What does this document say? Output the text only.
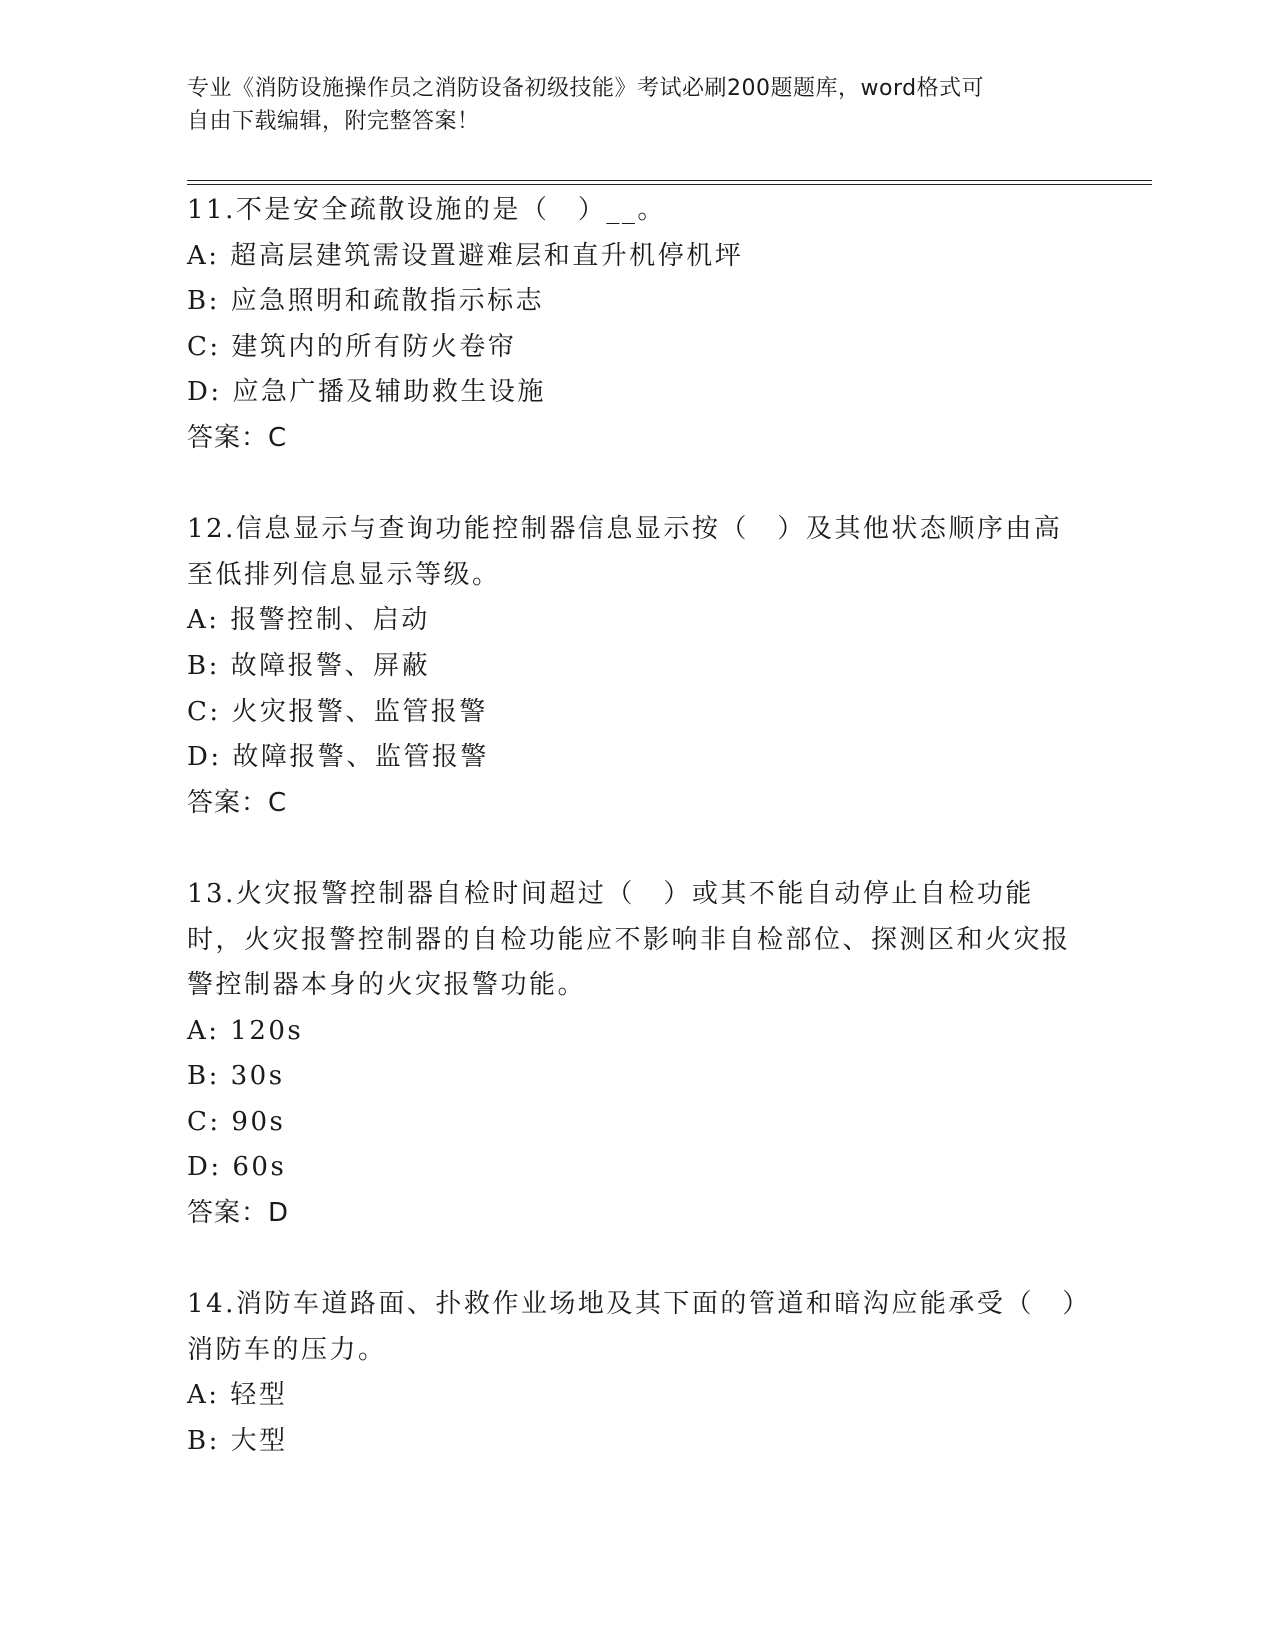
专业《消防设施操作员之消防设备初级技能》考试必刷200题题库，word格式可
自由下载编辑，附完整答案！

11.不是安全疏散设施的是（　）__。

A: 超高层建筑需设置避难层和直升机停机坪

B: 应急照明和疏散指示标志

C: 建筑内的所有防火卷帘

D: 应急广播及辅助救生设施

答案：C

12.信息显示与查询功能控制器信息显示按（　）及其他状态顺序由高至低排列信息显示等级。

A: 报警控制、启动

B: 故障报警、屏蔽

C: 火灾报警、监管报警

D: 故障报警、监管报警

答案：C

13.火灾报警控制器自检时间超过（　）或其不能自动停止自检功能时，火灾报警控制器的自检功能应不影响非自检部位、探测区和火灾报警控制器本身的火灾报警功能。

A: 120s

B: 30s

C: 90s

D: 60s

答案：D

14.消防车道路面、扑救作业场地及其下面的管道和暗沟应能承受（　）消防车的压力。

A: 轻型

B: 大型
